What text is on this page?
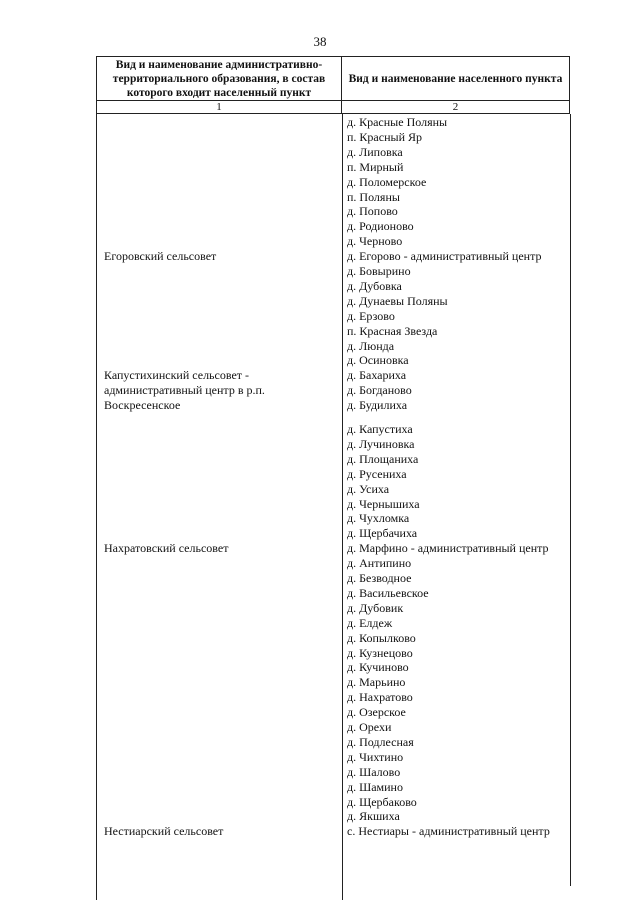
38
Вид и наименование административно-территориального образования, в состав которого входит населенный пункт
Вид и наименование населенного пункта
1	2
д. Красные Поляны
п. Красный Яр
д. Липовка
п. Мирный
д. Поломерское
п. Поляны
д. Попово
д. Родионово
д. Черново
д. Егорово - административный центр
д. Бовырино
д. Дубовка
д. Дунаевы Поляны
д. Ерзово
п. Красная Звезда
д. Люнда
д. Осиновка
д. Бахариха
д. Богданово
д. Будилиха
д. Капустиха
д. Лучиновка
д. Площаниха
д. Русениха
д. Усиха
д. Чернышиха
д. Чухломка
д. Щербачиха
д. Марфино - административный центр
д. Антипино
д. Безводное
д. Васильевское
д. Дубовик
д. Елдеж
д. Копылково
д. Кузнецово
д. Кучиново
д. Марьино
д. Нахратово
д. Озерское
д. Орехи
д. Подлесная
д. Чихтино
д. Шалово
д. Шамино
д. Щербаково
д. Якшиха
с. Нестиары - административный центр
Егоровский сельсовет
Капустихинский сельсовет -
административный центр в р.п.
Воскресенское
Нахратовский сельсовет
Нестиарский сельсовет
